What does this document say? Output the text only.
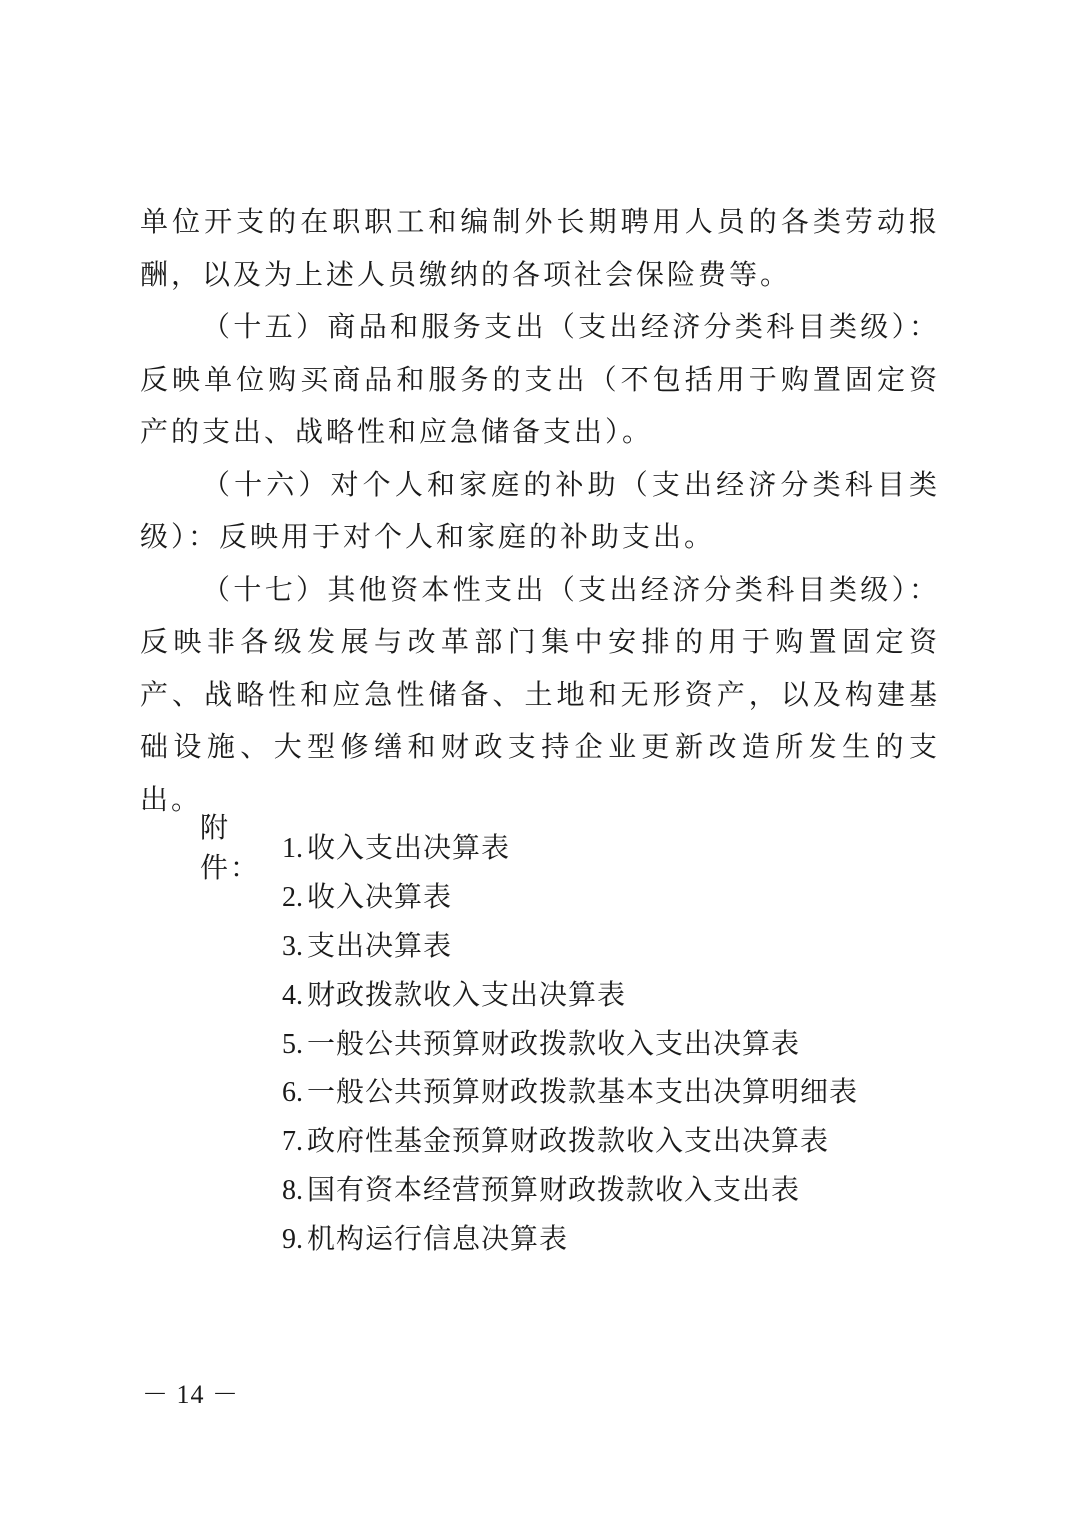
单位开支的在职职工和编制外长期聘用人员的各类劳动报酬，以及为上述人员缴纳的各项社会保险费等。

（十五）商品和服务支出（支出经济分类科目类级）：反映单位购买商品和服务的支出（不包括用于购置固定资产的支出、战略性和应急储备支出）。

（十六）对个人和家庭的补助（支出经济分类科目类级）：反映用于对个人和家庭的补助支出。

（十七）其他资本性支出（支出经济分类科目类级）：反映非各级发展与改革部门集中安排的用于购置固定资产、战略性和应急性储备、土地和无形资产，以及构建基础设施、大型修缮和财政支持企业更新改造所发生的支出。

附件：
1. 收入支出决算表
2. 收入决算表
3. 支出决算表
4. 财政拨款收入支出决算表
5. 一般公共预算财政拨款收入支出决算表
6. 一般公共预算财政拨款基本支出决算明细表
7. 政府性基金预算财政拨款收入支出决算表
8. 国有资本经营预算财政拨款收入支出表
9. 机构运行信息决算表
－ 14 －
